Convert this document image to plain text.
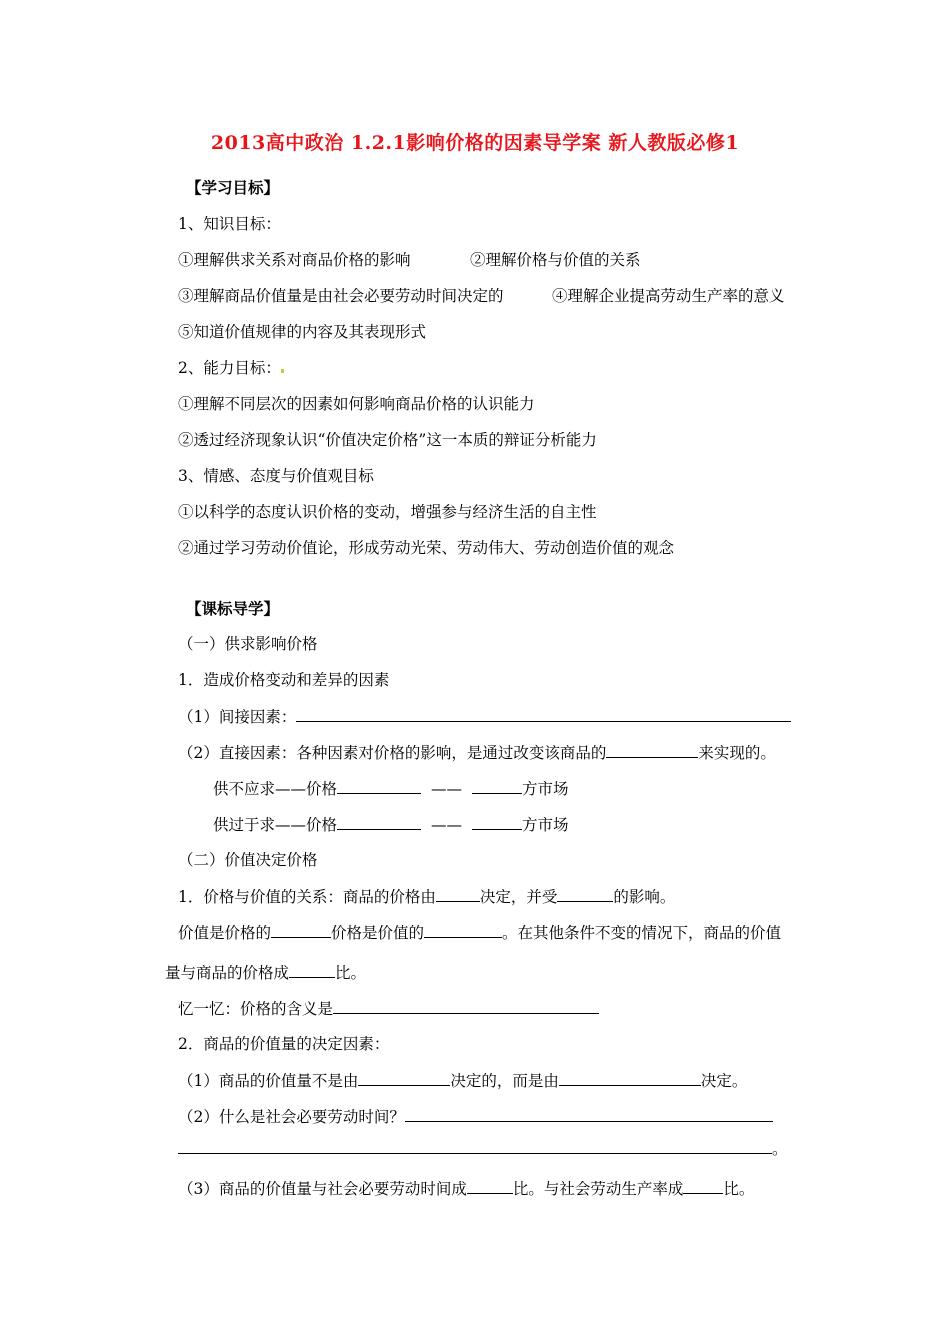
2013高中政治 1.2.1影响价格的因素导学案 新人教版必修1
【学习目标】
1、知识目标：
①理解供求关系对商品价格的影响	②理解价格与价值的关系
③理解商品价值量是由社会必要劳动时间决定的	④理解企业提高劳动生产率的意义
⑤知道价值规律的内容及其表现形式
2、能力目标：
①理解不同层次的因素如何影响商品价格的认识能力
②透过经济现象认识“价值决定价格”这一本质的辩证分析能力
3、情感、态度与价值观目标
①以科学的态度认识价格的变动，增强参与经济生活的自主性
②通过学习劳动价值论，形成劳动光荣、劳动伟大、劳动创造价值的观念
【课标导学】
（一）供求影响价格
1．造成价格变动和差异的因素
（1）间接因素：
（2）直接因素：各种因素对价格的影响，是通过改变该商品的	来实现的。
供不应求——价格	——	方市场
供过于求——价格	——	方市场
（二）价值决定价格
1．价格与价值的关系：商品的价格由	决定，并受	的影响。
价值是价格的	价格是价值的	。在其他条件不变的情况下，商品的价值
量与商品的价格成	比。
忆一忆：价格的含义是
2．商品的价值量的决定因素：
（1）商品的价值量不是由	决定的，而是由	决定。
（2）什么是社会必要劳动时间？
。
（3）商品的价值量与社会必要劳动时间成	比。与社会劳动生产率成	比。
